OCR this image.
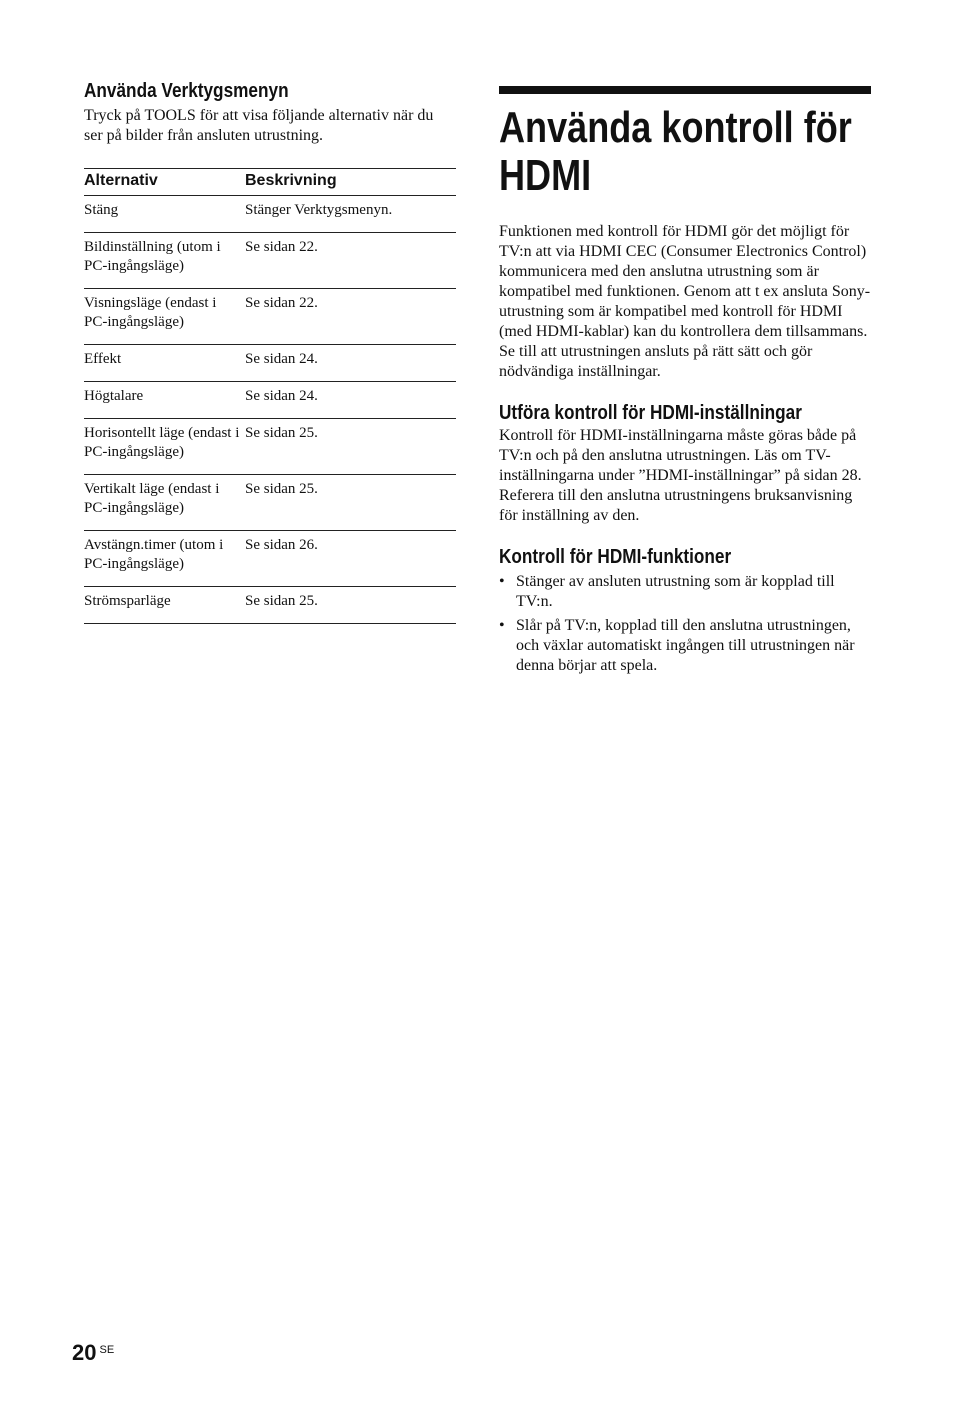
Använda Verktygsmenyn

Tryck på TOOLS för att visa följande alternativ när du ser på bilder från ansluten utrustning.

Alternativ	Beskrivning
Stäng	Stänger Verktygsmenyn.
Bildinställning (utom i PC-ingångsläge)	Se sidan 22.
Visningsläge (endast i PC-ingångsläge)	Se sidan 22.
Effekt	Se sidan 24.
Högtalare	Se sidan 24.
Horisontellt läge (endast i PC-ingångsläge)	Se sidan 25.
Vertikalt läge (endast i PC-ingångsläge)	Se sidan 25.
Avstängn.timer (utom i PC-ingångsläge)	Se sidan 26.
Strömsparläge	Se sidan 25.
Använda kontroll för
HDMI

Funktionen med kontroll för HDMI gör det möjligt för TV:n att via HDMI CEC (Consumer Electronics Control) kommunicera med den anslutna utrustning som är kompatibel med funktionen. Genom att t ex ansluta Sony-utrustning som är kompatibel med kontroll för HDMI (med HDMI-kablar) kan du kontrollera dem tillsammans.
Se till att utrustningen ansluts på rätt sätt och gör nödvändiga inställningar.

Utföra kontroll för HDMI-inställningar

Kontroll för HDMI-inställningarna måste göras både på TV:n och på den anslutna utrustningen. Läs om TV-inställningarna under ”HDMI-inställningar” på sidan 28. Referera till den anslutna utrustningens bruksanvisning för inställning av den.

Kontroll för HDMI-funktioner
• Stänger av ansluten utrustning som är kopplad till TV:n.
• Slår på TV:n, kopplad till den anslutna utrustningen, och växlar automatiskt ingången till utrustningen när denna börjar att spela.
20 $^{SE}$
